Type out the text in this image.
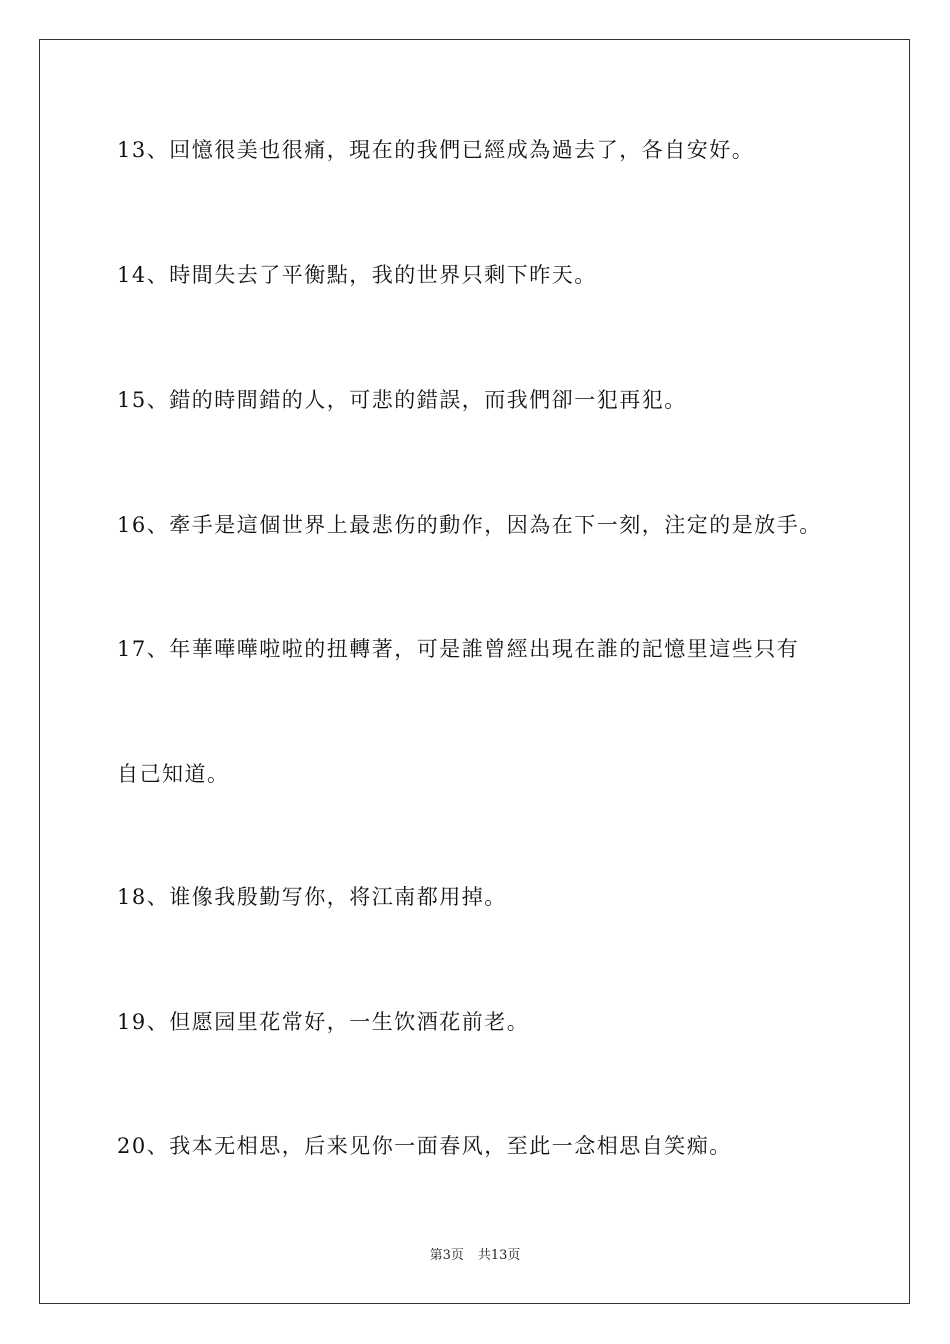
13、回憶很美也很痛，現在的我們已經成為過去了，各自安好。
14、時間失去了平衡點，我的世界只剩下昨天。
15、錯的時間錯的人，可悲的錯誤，而我們卻一犯再犯。
16、牽手是這個世界上最悲伤的動作，因為在下一刻，注定的是放手。
17、年華嘩嘩啦啦的扭轉著，可是誰曾經出現在誰的記憶里這些只有
自己知道。
18、谁像我殷勤写你，将江南都用掉。
19、但愿园里花常好，一生饮酒花前老。
20、我本无相思，后来见你一面春风，至此一念相思自笑痴。
第3页 共13页
